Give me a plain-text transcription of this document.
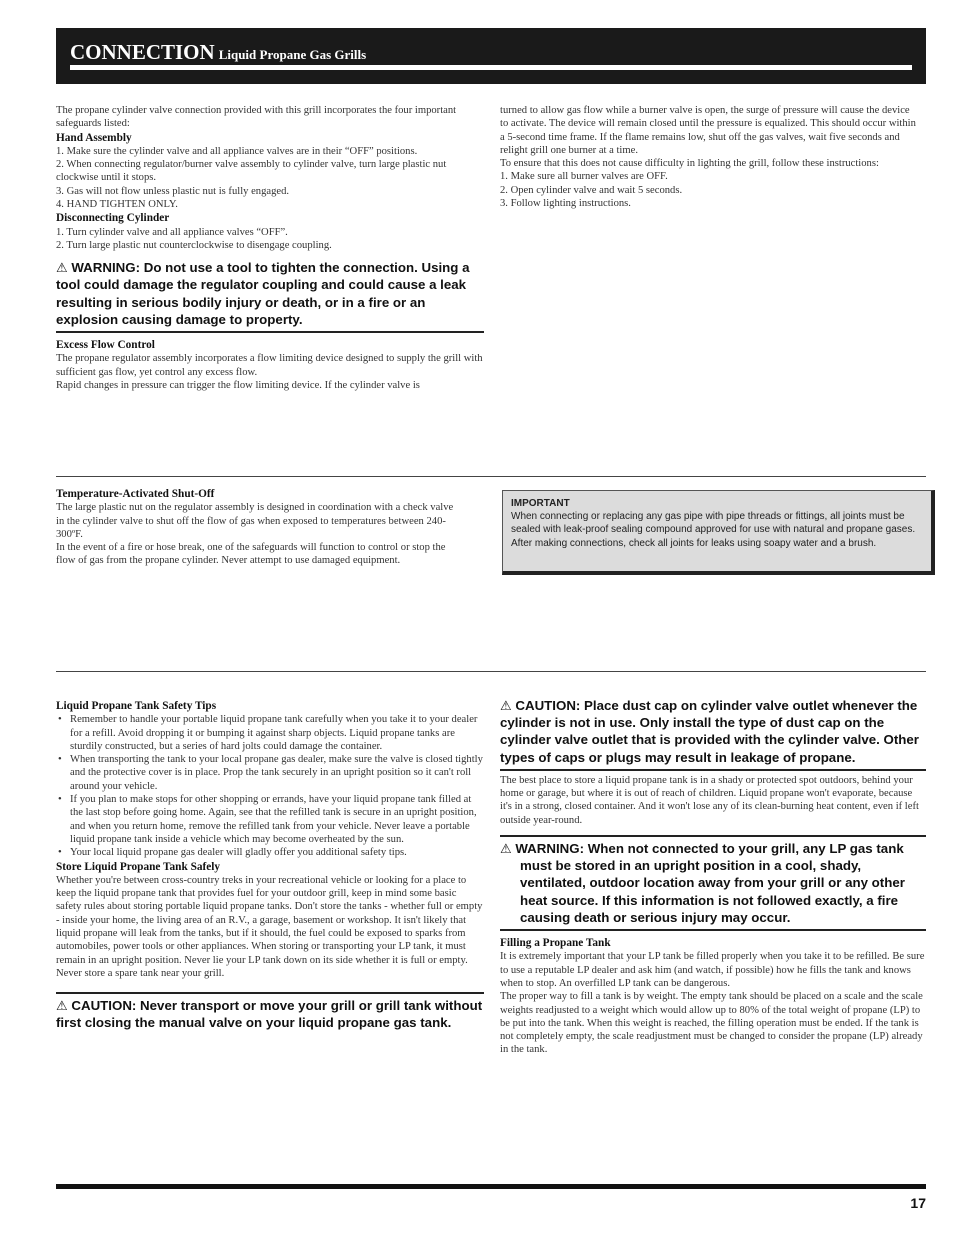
CONNECTION Liquid Propane Gas Grills

The propane cylinder valve connection provided with this grill incorporates the four important safeguards listed:

Hand Assembly

1. Make sure the cylinder valve and all appliance valves are in their “OFF” positions.

2. When connecting regulator/burner valve assembly to cylinder valve, turn large plastic nut clockwise until it stops.

3. Gas will not flow unless plastic nut is fully engaged.

4. HAND TIGHTEN ONLY.

Disconnecting Cylinder

1. Turn cylinder valve and all appliance valves “OFF”.

2. Turn large plastic nut counterclockwise to disengage coupling.

⚠ WARNING: Do not use a tool to tighten the connection. Using a tool could damage the regulator coupling and could cause a leak resulting in serious bodily injury or death, or in a fire or an explosion causing damage to property.

Excess Flow Control

The propane regulator assembly incorporates a flow limiting device designed to supply the grill with sufficient gas flow, yet control any excess flow.

Rapid changes in pressure can trigger the flow limiting device. If the cylinder valve is

turned to allow gas flow while a burner valve is open, the surge of pressure will cause the device to activate. The device will remain closed until the pressure is equalized. This should occur within a 5-second time frame. If the flame remains low, shut off the gas valves, wait five seconds and relight grill one burner at a time.

To ensure that this does not cause difficulty in lighting the grill, follow these instructions:

1. Make sure all burner valves are OFF.

2. Open cylinder valve and wait 5 seconds.

3. Follow lighting instructions.

Temperature-Activated Shut-Off

The large plastic nut on the regulator assembly is designed in coordination with a check valve in the cylinder valve to shut off the flow of gas when exposed to temperatures between 240-300ºF.

In the event of a fire or hose break, one of the safeguards will function to control or stop the flow of gas from the propane cylinder. Never attempt to use damaged equipment.

IMPORTANT
When connecting or replacing any gas pipe with pipe threads or fittings, all joints must be sealed with leak-proof sealing compound approved for use with natural and propane gases. After making connections, check all joints for leaks using soapy water and a brush.

Liquid Propane Tank Safety Tips

• Remember to handle your portable liquid propane tank carefully when you take it to your dealer for a refill. Avoid dropping it or bumping it against sharp objects. Liquid propane tanks are sturdily constructed, but a series of hard jolts could damage the container.
• When transporting the tank to your local propane gas dealer, make sure the valve is closed tightly and the protective cover is in place. Prop the tank securely in an upright position so it can't roll around your vehicle.
• If you plan to make stops for other shopping or errands, have your liquid propane tank filled at the last stop before going home. Again, see that the refilled tank is secure in an upright position, and when you return home, remove the refilled tank from your vehicle. Never leave a portable liquid propane tank inside a vehicle which may become overheated by the sun.
• Your local liquid propane gas dealer will gladly offer you additional safety tips.

Store Liquid Propane Tank Safely

Whether you're between cross-country treks in your recreational vehicle or looking for a place to keep the liquid propane tank that provides fuel for your outdoor grill, keep in mind some basic safety rules about storing portable liquid propane tanks. Don't store the tanks - whether full or empty - inside your home, the living area of an R.V., a garage, basement or workshop. It isn't likely that liquid propane will leak from the tanks, but if it should, the fuel could be exposed to sparks from automobiles, power tools or other appliances. When storing or transporting your LP tank, it must remain in an upright position. Never lie your LP tank down on its side whether it is full or empty. Never store a spare tank near your grill.

⚠ CAUTION: Never transport or move your grill or grill tank without first closing the manual valve on your liquid propane gas tank.
⚠ CAUTION: Place dust cap on cylinder valve outlet whenever the cylinder is not in use. Only install the type of dust cap on the cylinder valve outlet that is provided with the cylinder valve. Other types of caps or plugs may result in leakage of propane.

The best place to store a liquid propane tank is in a shady or protected spot outdoors, behind your home or garage, but where it is out of reach of children. Liquid propane won't evaporate, because it's in a strong, closed container. And it won't lose any of its clean-burning heat content, even if left outside year-round.

⚠ WARNING: When not connected to your grill, any LP gas tank must be stored in an upright position in a cool, shady, ventilated, outdoor location away from your grill or any other heat source. If this information is not followed exactly, a fire causing death or serious injury may occur.

Filling a Propane Tank

It is extremely important that your LP tank be filled properly when you take it to be refilled. Be sure to use a reputable LP dealer and ask him (and watch, if possible) how he fills the tank and knows when to stop. An overfilled LP tank can be dangerous.

The proper way to fill a tank is by weight. The empty tank should be placed on a scale and the scale weights readjusted to a weight which would allow up to 80% of the total weight of propane (LP) to be put into the tank. When this weight is reached, the filling operation must be ended. If the tank is not completely empty, the scale readjustment must be changed to consider the propane (LP) already in the tank.

17
